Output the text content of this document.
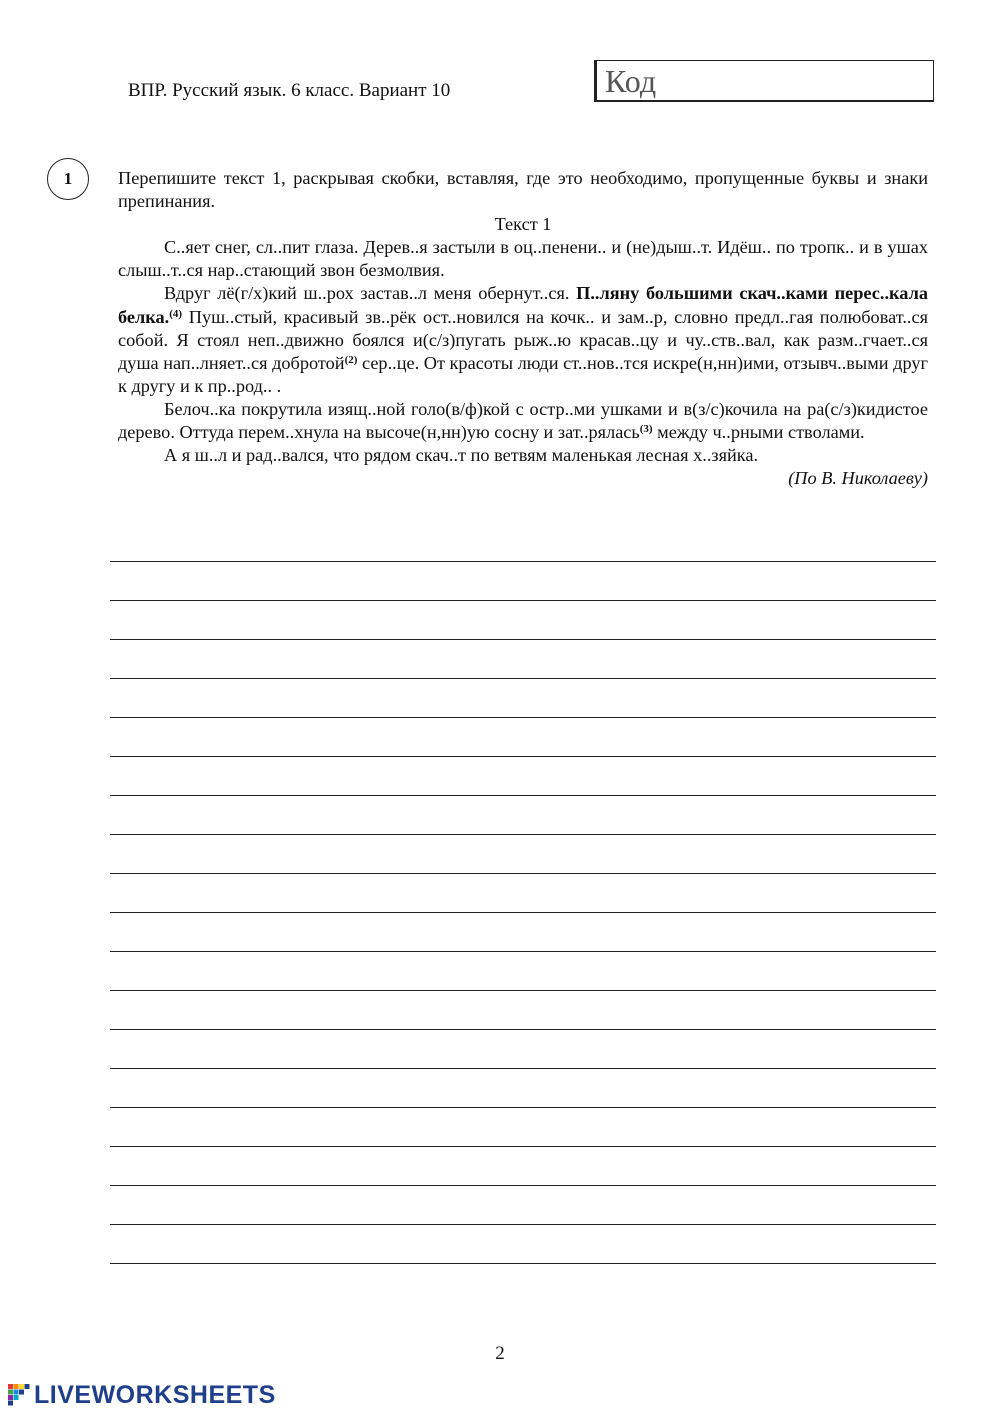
ВПР. Русский язык. 6 класс. Вариант 10	Код
1	Перепишите текст 1, раскрывая скобки, вставляя, где это необходимо, пропущенные буквы и знаки препинания.

Текст 1

С..яет снег, сл..пит глаза. Дерев..я застыли в оц..пенени.. и (не)дыш..т. Идёш.. по тропк.. и в ушах слыш..т..ся нар..стающий звон безмолвия.

Вдруг лё(г/х)кий ш..рох застав..л меня обернут..ся. П..ляну большими скач..ками перес..кала белка.$^{(4)}$ Пуш..стый, красивый зв..рёк ост..новился на кочк.. и зам..р, словно предл..гая полюбоват..ся собой. Я стоял неп..движно боялся и(с/з)пугать рыж..ю красав..цу и чу..ств..вал, как разм..гчает..ся душа нап..лняет..ся добротой$^{(2)}$ сер..це. От красоты люди ст..нов..тся искре(н,нн)ими, отзывч..выми друг к другу и к пр..род.. .

Белоч..ка покрутила изящ..ной голо(в/ф)кой с остр..ми ушками и в(з/с)кочила на ра(с/з)кидистое дерево. Оттуда перем..хнула на высоче(н,нн)ую сосну и зат..рялась$^{(3)}$ между ч..рными стволами.

А я ш..л и рад..вался, что рядом скач..т по ветвям маленькая лесная х..зяйка.

(По В. Николаеву)

2
LIVEWORKSHEETS
